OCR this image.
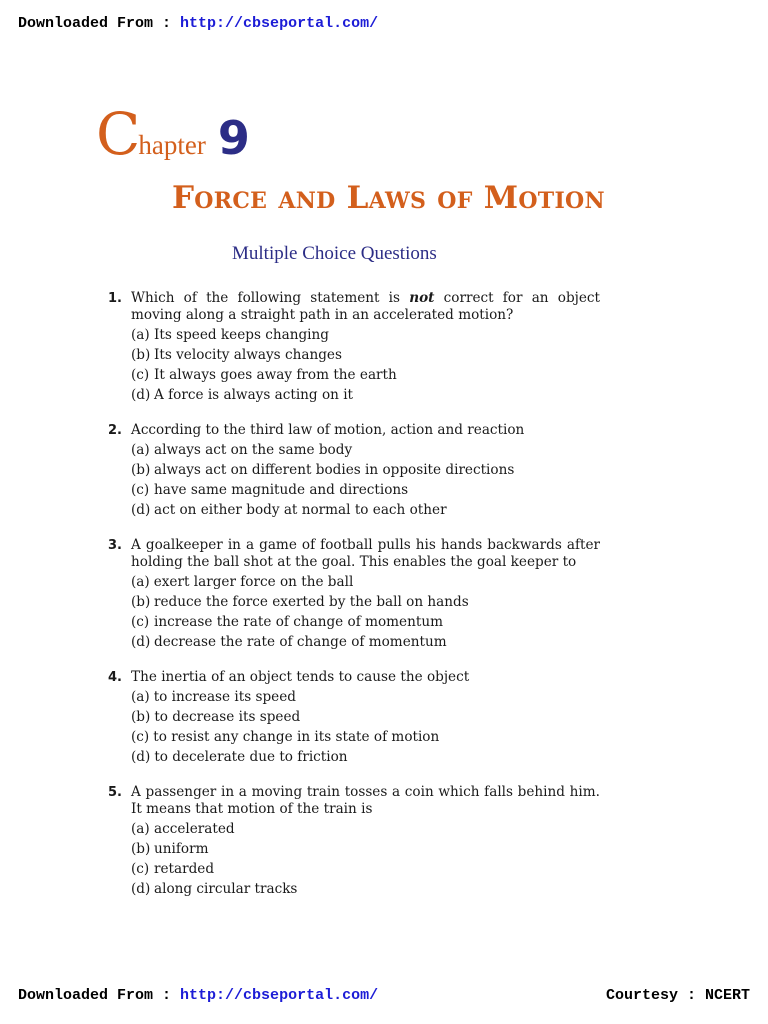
Downloaded From : http://cbseportal.com/
Chapter 9
Force and Laws of Motion
Multiple Choice Questions
1. Which of the following statement is not correct for an object moving along a straight path in an accelerated motion?
(a) Its speed keeps changing
(b) Its velocity always changes
(c) It always goes away from the earth
(d) A force is always acting on it
2. According to the third law of motion, action and reaction
(a) always act on the same body
(b) always act on different bodies in opposite directions
(c) have same magnitude and directions
(d) act on either body at normal to each other
3. A goalkeeper in a game of football pulls his hands backwards after holding the ball shot at the goal. This enables the goal keeper to
(a) exert larger force on the ball
(b) reduce the force exerted by the ball on hands
(c) increase the rate of change of momentum
(d) decrease the rate of change of momentum
4. The inertia of an object tends to cause the object
(a) to increase its speed
(b) to decrease its speed
(c) to resist any change in its state of motion
(d) to decelerate due to friction
5. A passenger in a moving train tosses a coin which falls behind him. It means that motion of the train is
(a) accelerated
(b) uniform
(c) retarded
(d) along circular tracks
Downloaded From : http://cbseportal.com/	Courtesy : NCERT
